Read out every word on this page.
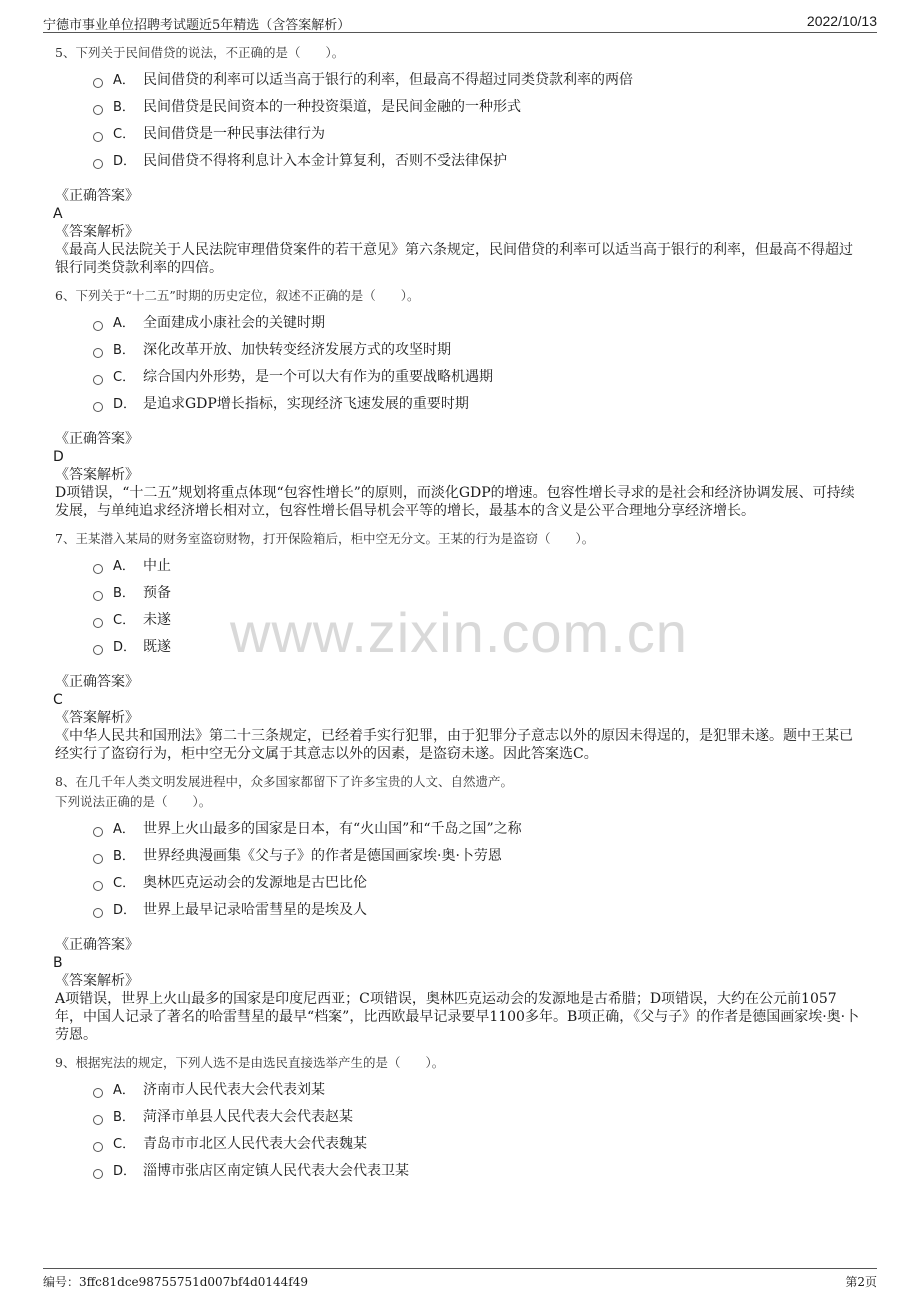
宁德市事业单位招聘考试题近5年精选（含答案解析）	2022/10/13
www.zixin.com.cn
5、下列关于民间借贷的说法，不正确的是（　　）。
A． 民间借贷的利率可以适当高于银行的利率，但最高不得超过同类贷款利率的两倍
B． 民间借贷是民间资本的一种投资渠道，是民间金融的一种形式
C． 民间借贷是一种民事法律行为
D． 民间借贷不得将利息计入本金计算复利，否则不受法律保护
《正确答案》
A
《答案解析》
《最高人民法院关于人民法院审理借贷案件的若干意见》第六条规定，民间借贷的利率可以适当高于银行的利率，但最高不得超过银行同类贷款利率的四倍。
6、下列关于“十二五”时期的历史定位，叙述不正确的是（　　）。
A． 全面建成小康社会的关键时期
B． 深化改革开放、加快转变经济发展方式的攻坚时期
C． 综合国内外形势，是一个可以大有作为的重要战略机遇期
D． 是追求GDP增长指标，实现经济飞速发展的重要时期
《正确答案》
D
《答案解析》
D项错误，“十二五”规划将重点体现“包容性增长”的原则，而淡化GDP的增速。包容性增长寻求的是社会和经济协调发展、可持续发展，与单纯追求经济增长相对立，包容性增长倡导机会平等的增长，最基本的含义是公平合理地分享经济增长。
7、王某潜入某局的财务室盗窃财物，打开保险箱后，柜中空无分文。王某的行为是盗窃（　　）。
A． 中止
B． 预备
C． 未遂
D． 既遂
《正确答案》
C
《答案解析》
《中华人民共和国刑法》第二十三条规定，已经着手实行犯罪，由于犯罪分子意志以外的原因未得逞的，是犯罪未遂。题中王某已经实行了盗窃行为，柜中空无分文属于其意志以外的因素，是盗窃未遂。因此答案选C。
8、在几千年人类文明发展进程中，众多国家都留下了许多宝贵的人文、自然遗产。
下列说法正确的是（　　）。
A． 世界上火山最多的国家是日本，有“火山国”和“千岛之国”之称
B． 世界经典漫画集《父与子》的作者是德国画家埃·奥·卜劳恩
C． 奥林匹克运动会的发源地是古巴比伦
D． 世界上最早记录哈雷彗星的是埃及人
《正确答案》
B
《答案解析》
A项错误，世界上火山最多的国家是印度尼西亚；C项错误，奥林匹克运动会的发源地是古希腊；D项错误，大约在公元前1057年，中国人记录了著名的哈雷彗星的最早“档案”，比西欧最早记录要早1100多年。B项正确，《父与子》的作者是德国画家埃·奥·卜劳恩。
9、根据宪法的规定，下列人选不是由选民直接选举产生的是（　　）。
A． 济南市人民代表大会代表刘某
B． 菏泽市单县人民代表大会代表赵某
C． 青岛市市北区人民代表大会代表魏某
D． 淄博市张店区南定镇人民代表大会代表卫某
编号：3ffc81dce98755751d007bf4d0144f49	第2页
